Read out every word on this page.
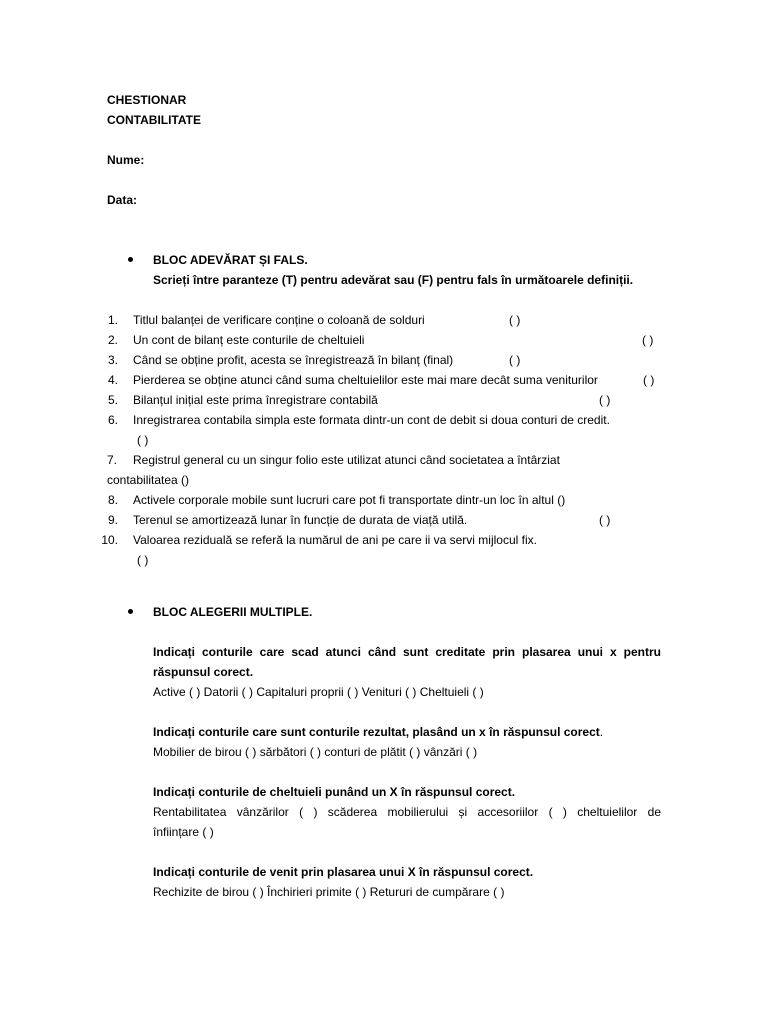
CHESTIONAR
CONTABILITATE
Nume:
Data:
BLOC ADEVĂRAT ȘI FALS.
Scrieți între paranteze (T) pentru adevărat sau (F) pentru fals în următoarele definiții.
1. Titlul balanței de verificare conține o coloană de solduri	( )
2. Un cont de bilanț este conturile de cheltuieli	( )
3. Când se obține profit, acesta se înregistrează în bilanț (final)	( )
4. Pierderea se obține atunci când suma cheltuielilor este mai mare decât suma veniturilor	( )
5. Bilanțul inițial este prima înregistrare contabilă	( )
6. Inregistrarea contabila simpla este formata dintr-un cont de debit si doua conturi de credit.
( )
7. Registrul general cu un singur folio este utilizat atunci când societatea a întârziat
contabilitatea ()
8. Activele corporale mobile sunt lucruri care pot fi transportate dintr-un loc în altul ()
9. Terenul se amortizează lunar în funcție de durata de viață utilă.	( )
10. Valoarea reziduală se referă la numărul de ani pe care ii va servi mijlocul fix.
( )
BLOC ALEGERII MULTIPLE.
Indicați conturile care scad atunci când sunt creditate prin plasarea unui x pentru
răspunsul corect.
Active ( ) Datorii ( ) Capitaluri proprii ( ) Venituri ( ) Cheltuieli ( )
Indicați conturile care sunt conturile rezultat, plasând un x în răspunsul corect.
Mobilier de birou ( ) sărbători ( ) conturi de plătit ( ) vânzări ( )
Indicați conturile de cheltuieli punând un X în răspunsul corect.
Rentabilitatea vânzărilor ( ) scăderea mobilierului și accesoriilor ( ) cheltuielilor de
înființare ( )
Indicați conturile de venit prin plasarea unui X în răspunsul corect.
Rechizite de birou ( ) Închirieri primite ( ) Retururi de cumpărare ( )
